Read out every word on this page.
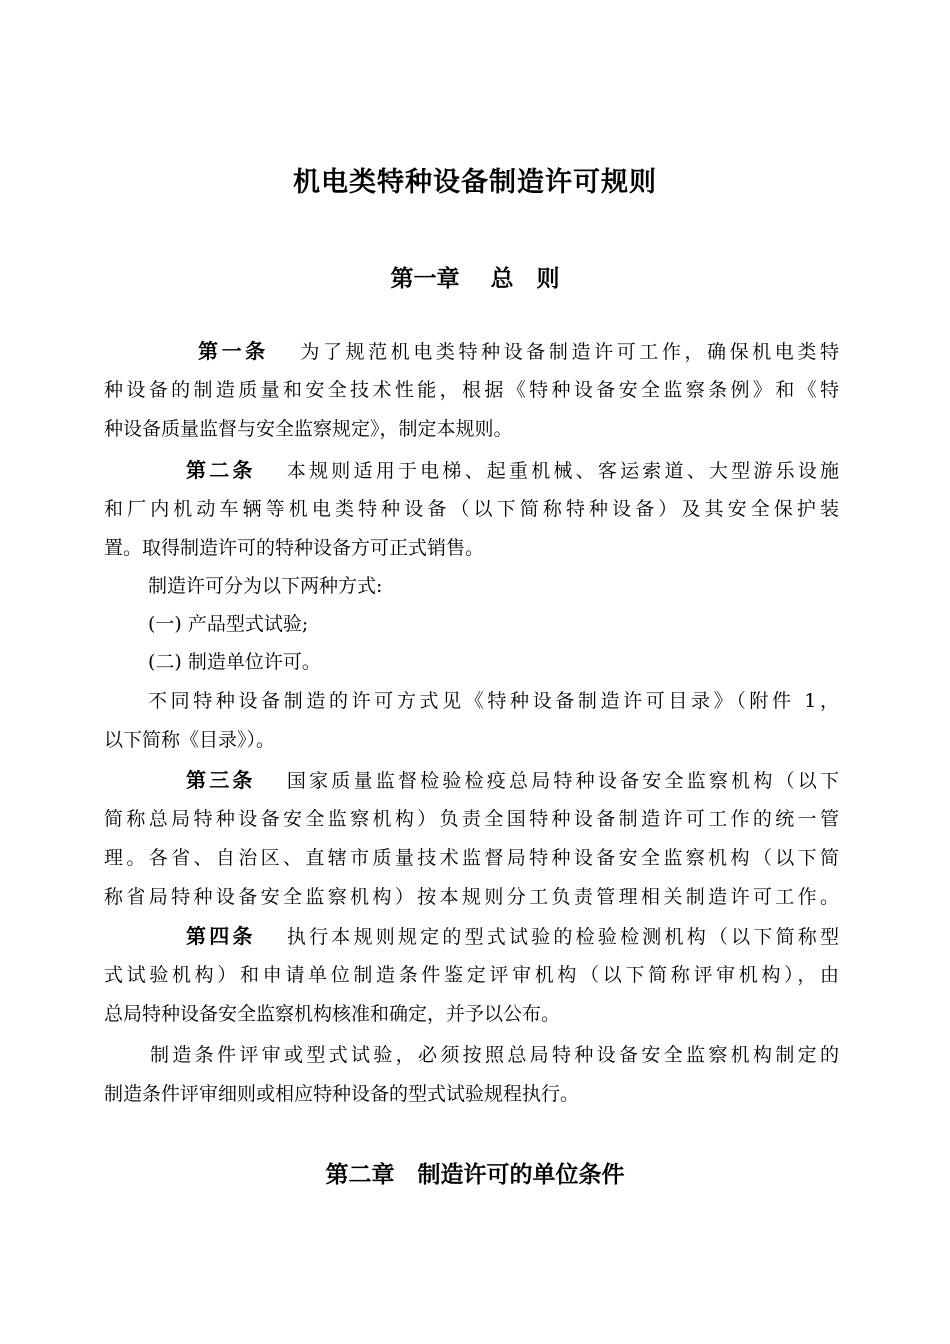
机电类特种设备制造许可规则
第一章　 总　则
第一条 为了规范机电类特种设备制造许可工作，确保机电类特
种设备的制造质量和安全技术性能，根据《特种设备安全监察条例》和《特
种设备质量监督与安全监察规定》，制定本规则。
第二条 本规则适用于电梯、起重机械、客运索道、大型游乐设施
和厂内机动车辆等机电类特种设备（以下简称特种设备）及其安全保护装
置。取得制造许可的特种设备方可正式销售。
制造许可分为以下两种方式:
(一) 产品型式试验;
(二) 制造单位许可。
不同特种设备制造的许可方式见《特种设备制造许可目录》（附件 1，
以下简称《目录》）。
第三条 国家质量监督检验检疫总局特种设备安全监察机构（以下
简称总局特种设备安全监察机构）负责全国特种设备制造许可工作的统一管
理。各省、自治区、直辖市质量技术监督局特种设备安全监察机构（以下简
称省局特种设备安全监察机构）按本规则分工负责管理相关制造许可工作。
第四条 执行本规则规定的型式试验的检验检测机构（以下简称型
式试验机构）和申请单位制造条件鉴定评审机构（以下简称评审机构），由
总局特种设备安全监察机构核准和确定，并予以公布。
制造条件评审或型式试验，必须按照总局特种设备安全监察机构制定的
制造条件评审细则或相应特种设备的型式试验规程执行。
第二章　制造许可的单位条件
